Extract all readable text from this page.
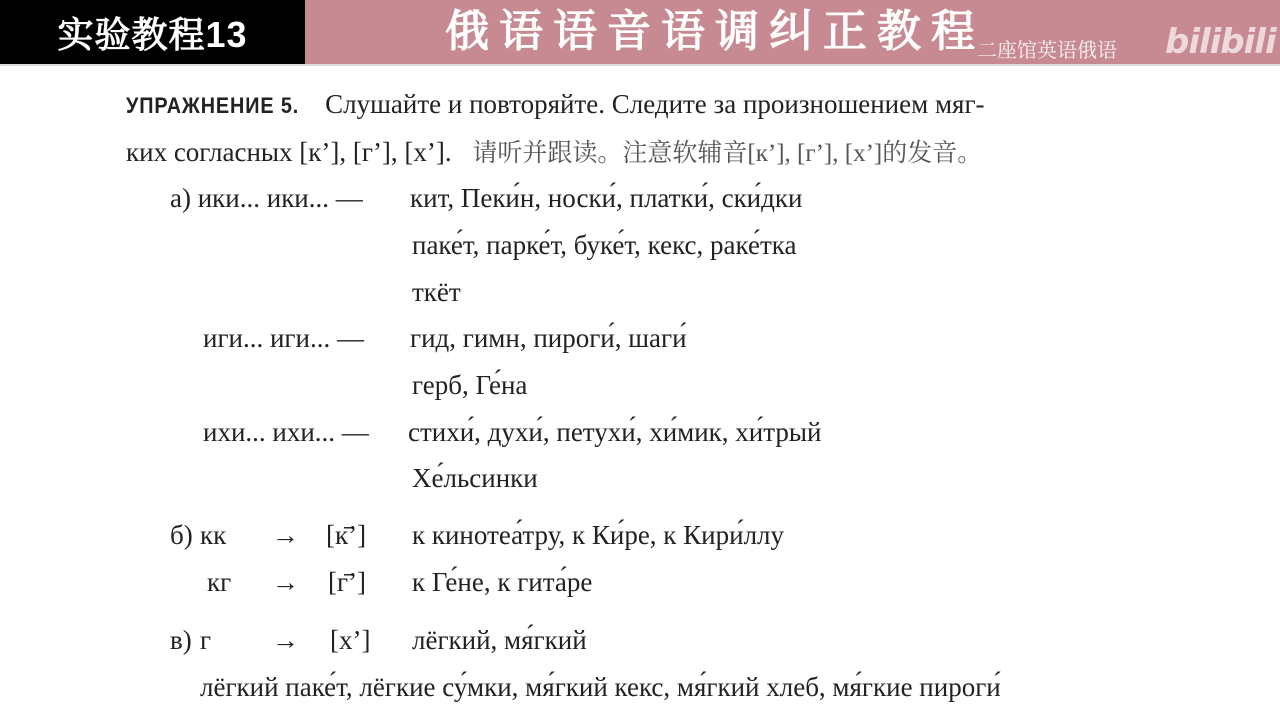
实验教程13	俄语语音语调纠正教程
二座馆英语俄语 bilibili
УПРАЖНЕНИЕ 5. Слушайте и повторяйте. Следите за произношением мяг-
ких согласных [к’], [г’], [х’]. 请听并跟读。注意软辅音[к’], [г’], [х’]的发音。
а) ики... ики... — кит, Пеки́н, носки́, платки́, ски́дки
паке́т, парке́т, буке́т, кекс, раке́тка
ткёт
иги... иги... — гид, гимн, пироги́, шаги́
герб, Ге́на
ихи... ихи... — стихи́, духи́, петухи́, хи́мик, хи́трый
Хе́льсинки
б) кк → [к̄’] к кинотеа́тру, к Ки́ре, к Кири́ллу
кг → [г̄’] к Ге́не, к гита́ре
в) г → [х’] лёгкий, мя́гкий
лёгкий паке́т, лёгкие су́мки, мя́гкий кекс, мя́гкий хлеб, мя́гкие пироги́
